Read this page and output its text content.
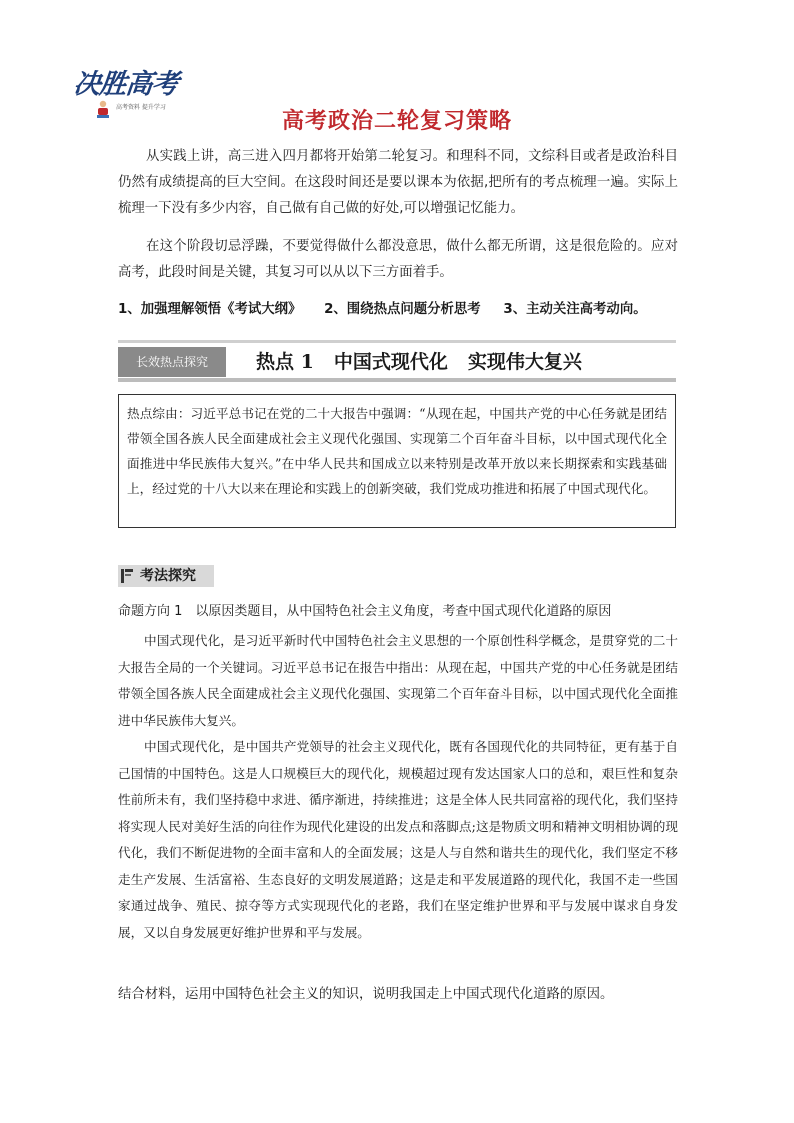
决胜高考
高考资料 提升学习
高考政治二轮复习策略
从实践上讲，高三进入四月都将开始第二轮复习。和理科不同，文综科目或者是政治科目仍然有成绩提高的巨大空间。在这段时间还是要以课本为依据,把所有的考点梳理一遍。实际上梳理一下没有多少内容，自己做有自己做的好处,可以增强记忆能力。
在这个阶段切忌浮躁，不要觉得做什么都没意思，做什么都无所谓，这是很危险的。应对高考，此段时间是关键，其复习可以从以下三方面着手。
1、加强理解领悟《考试大纲》 2、围绕热点问题分析思考 3、主动关注高考动向。
长效热点探究	热点 1 中国式现代化 实现伟大复兴
热点综由：习近平总书记在党的二十大报告中强调：“从现在起，中国共产党的中心任务就是团结带领全国各族人民全面建成社会主义现代化强国、实现第二个百年奋斗目标，以中国式现代化全面推进中华民族伟大复兴。”在中华人民共和国成立以来特别是改革开放以来长期探索和实践基础上，经过党的十八大以来在理论和实践上的创新突破，我们党成功推进和拓展了中国式现代化。
考法探究
命题方向 1　以原因类题目，从中国特色社会主义角度，考查中国式现代化道路的原因
中国式现代化，是习近平新时代中国特色社会主义思想的一个原创性科学概念，是贯穿党的二十大报告全局的一个关键词。习近平总书记在报告中指出：从现在起，中国共产党的中心任务就是团结带领全国各族人民全面建成社会主义现代化强国、实现第二个百年奋斗目标，以中国式现代化全面推进中华民族伟大复兴。
中国式现代化，是中国共产党领导的社会主义现代化，既有各国现代化的共同特征，更有基于自己国情的中国特色。这是人口规模巨大的现代化，规模超过现有发达国家人口的总和，艰巨性和复杂性前所未有，我们坚持稳中求进、循序渐进，持续推进；这是全体人民共同富裕的现代化，我们坚持将实现人民对美好生活的向往作为现代化建设的出发点和落脚点;这是物质文明和精神文明相协调的现代化，我们不断促进物的全面丰富和人的全面发展；这是人与自然和谐共生的现代化，我们坚定不移走生产发展、生活富裕、生态良好的文明发展道路；这是走和平发展道路的现代化，我国不走一些国家通过战争、殖民、掠夺等方式实现现代化的老路，我们在坚定维护世界和平与发展中谋求自身发展，又以自身发展更好维护世界和平与发展。
结合材料，运用中国特色社会主义的知识，说明我国走上中国式现代化道路的原因。
